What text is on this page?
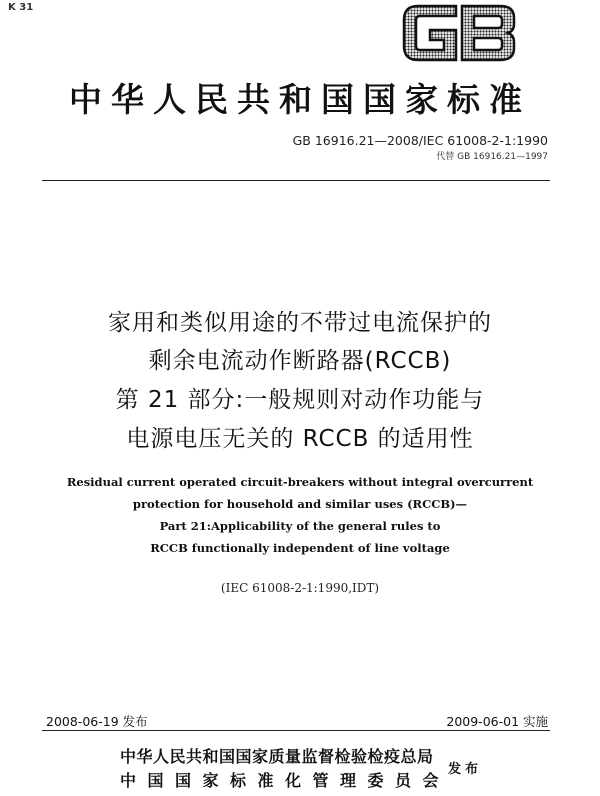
K 31
中华人民共和国国家标准
GB 16916.21—2008/IEC 61008-2-1:1990
代替 GB 16916.21—1997
家用和类似用途的不带过电流保护的
剩余电流动作断路器(RCCB)
第 21 部分:一般规则对动作功能与
电源电压无关的 RCCB 的适用性
Residual current operated circuit-breakers without integral overcurrent
protection for household and similar uses (RCCB)—
Part 21:Applicability of the general rules to
RCCB functionally independent of line voltage
(IEC 61008-2-1:1990,IDT)
2008-06-19 发布	2009-06-01 实施
中华人民共和国国家质量监督检验检疫总局
中国国家标准化管理委员会
发布
